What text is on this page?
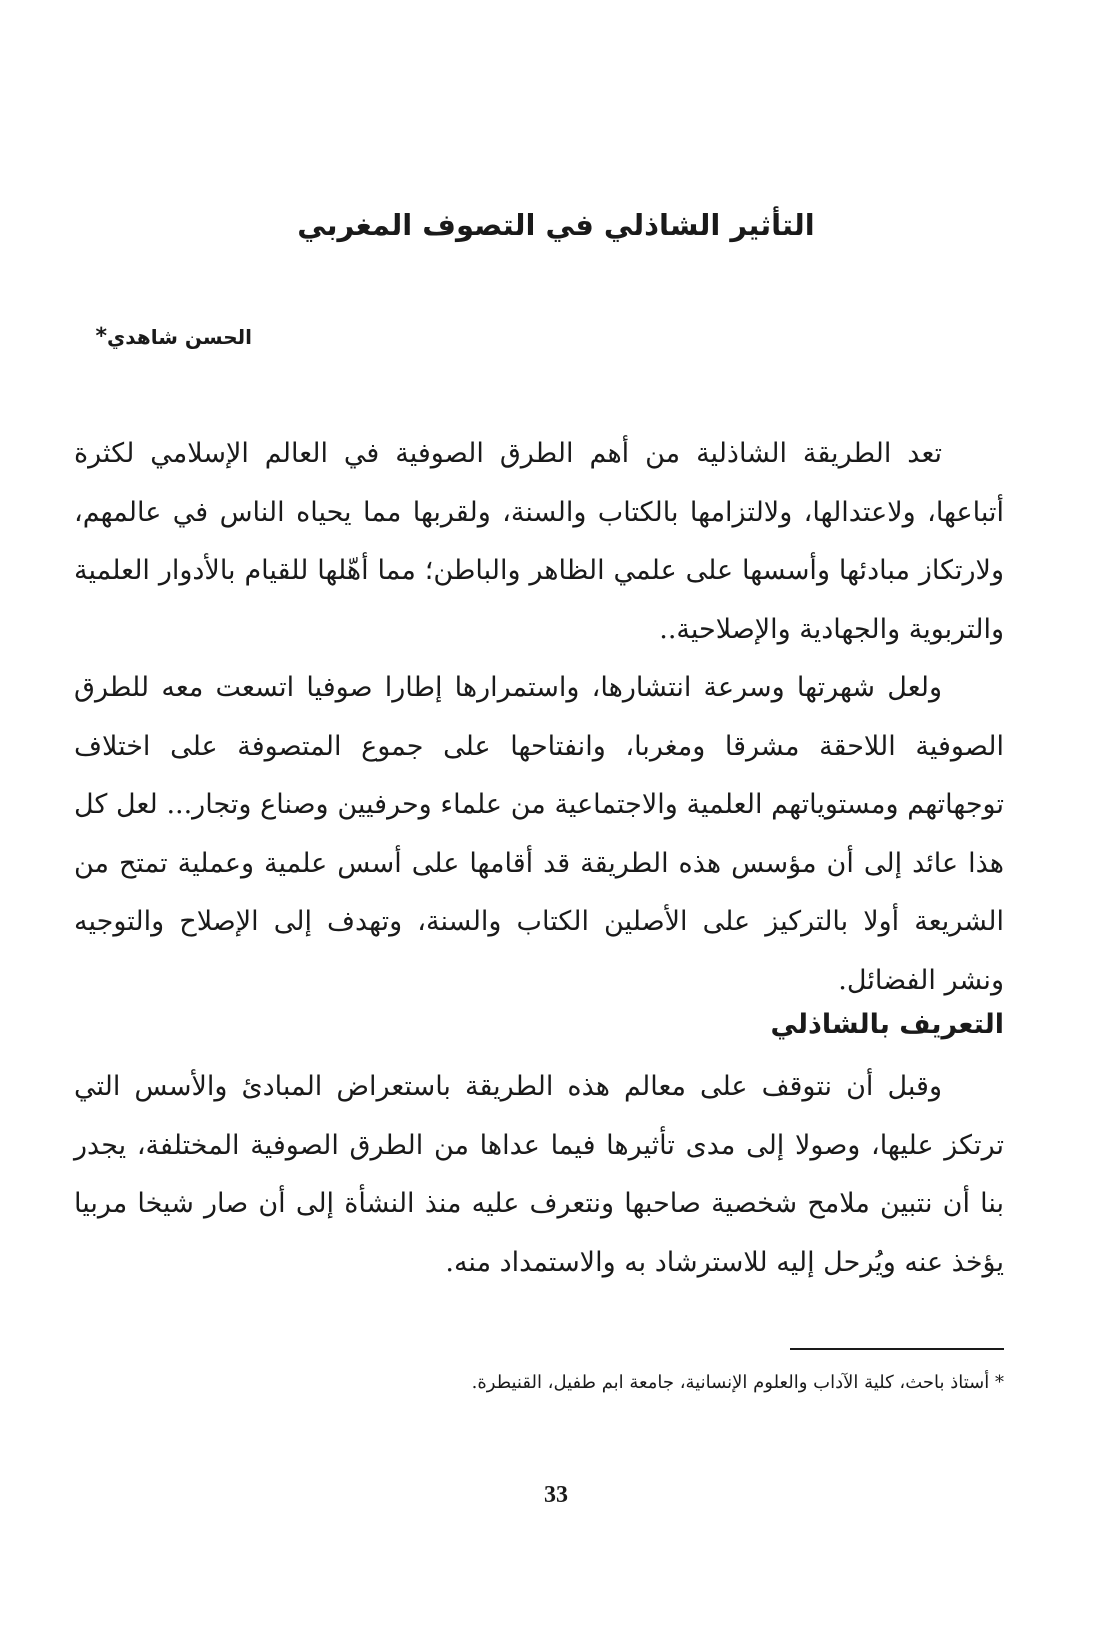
التأثير الشاذلي في التصوف المغربي
الحسن شاهدي*

تعد الطريقة الشاذلية من أهم الطرق الصوفية في العالم الإسلامي لكثرة أتباعها، ولاعتدالها، ولالتزامها بالكتاب والسنة، ولقربها مما يحياه الناس في عالمهم، ولارتكاز مبادئها وأسسها على علمي الظاهر والباطن؛ مما أهّلها للقيام بالأدوار العلمية والتربوية والجهادية والإصلاحية..

ولعل شهرتها وسرعة انتشارها، واستمرارها إطارا صوفيا اتسعت معه للطرق الصوفية اللاحقة مشرقا ومغربا، وانفتاحها على جموع المتصوفة على اختلاف توجهاتهم ومستوياتهم العلمية والاجتماعية من علماء وحرفيين وصناع وتجار... لعل كل هذا عائد إلى أن مؤسس هذه الطريقة قد أقامها على أسس علمية وعملية تمتح من الشريعة أولا بالتركيز على الأصلين الكتاب والسنة، وتهدف إلى الإصلاح والتوجيه ونشر الفضائل.

التعريف بالشاذلي

وقبل أن نتوقف على معالم هذه الطريقة باستعراض المبادئ والأسس التي ترتكز عليها، وصولا إلى مدى تأثيرها فيما عداها من الطرق الصوفية المختلفة، يجدر بنا أن نتبين ملامح شخصية صاحبها ونتعرف عليه منذ النشأة إلى أن صار شيخا مربيا يؤخذ عنه ويُرحل إليه للاسترشاد به والاستمداد منه.

* أستاذ باحث، كلية الآداب والعلوم الإنسانية، جامعة ابم طفيل، القنيطرة.

33
